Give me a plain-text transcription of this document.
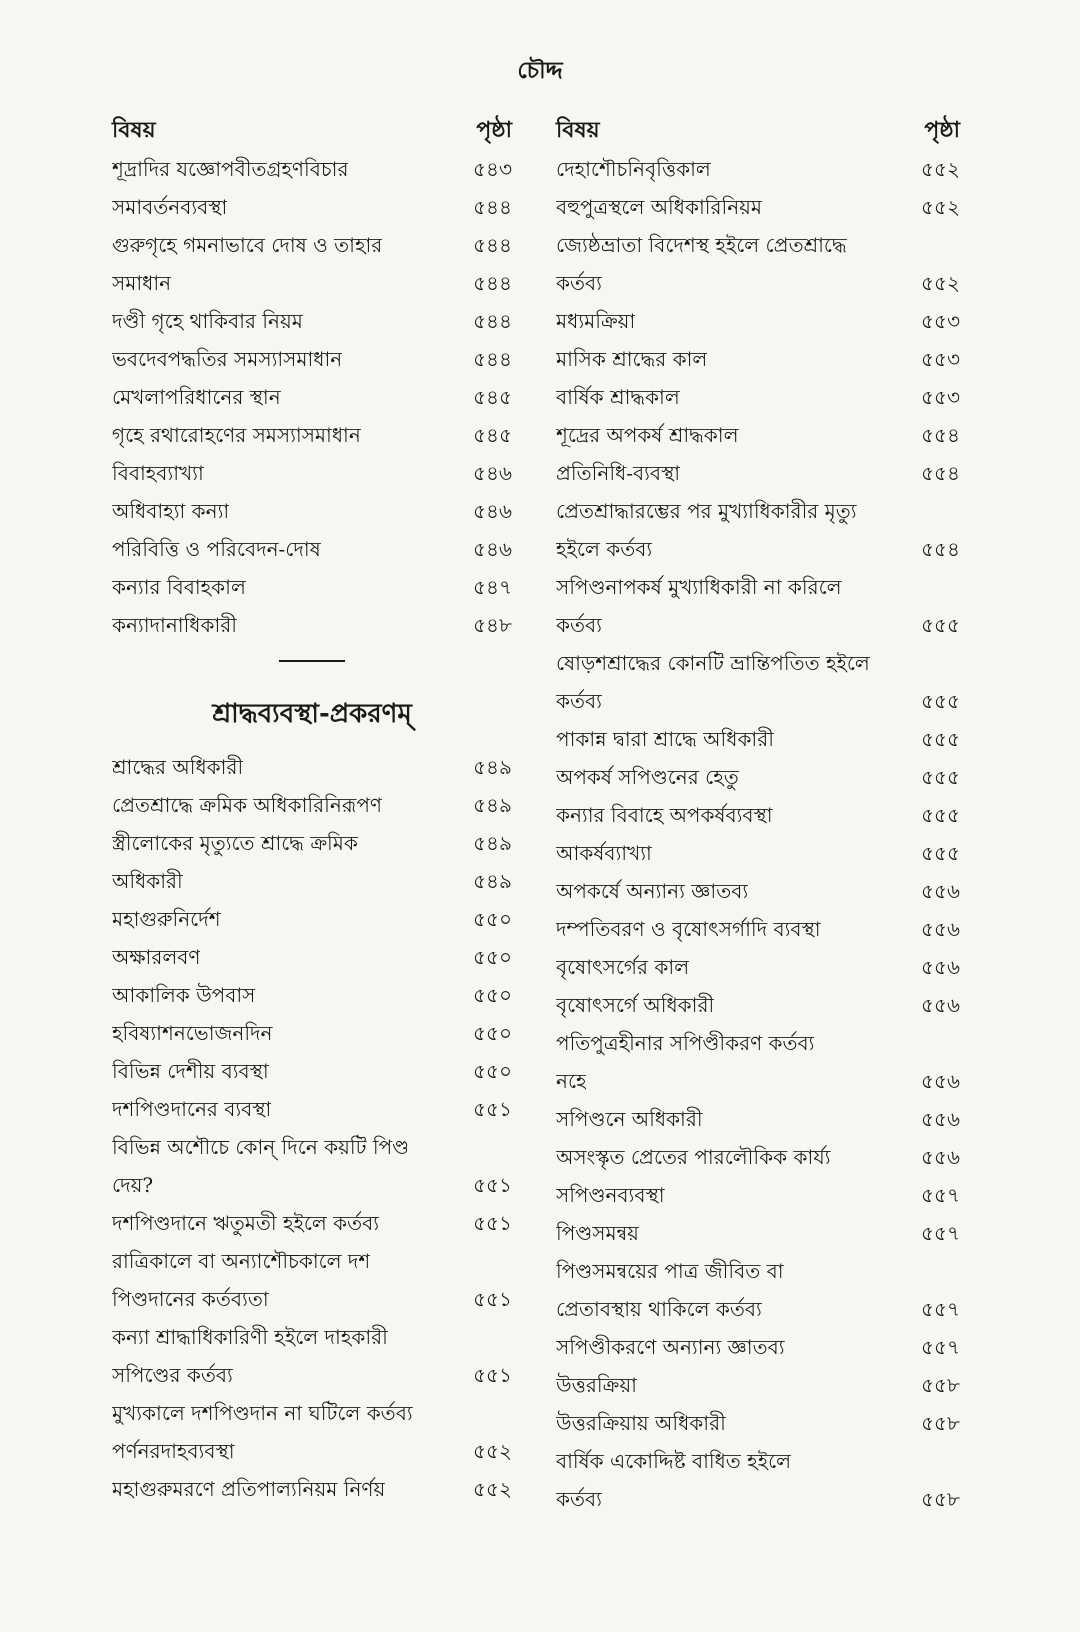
চৌদ্দ
বিষয়	পৃষ্ঠা
শূদ্রাদির যজ্ঞোপবীতগ্রহণবিচার	৫৪৩
সমাবর্তনব্যবস্থা	৫৪৪
গুরুগৃহে গমনাভাবে দোষ ও তাহার	৫৪৪
সমাধান	৫৪৪
দণ্ডী গৃহে থাকিবার নিয়ম	৫৪৪
ভবদেবপদ্ধতির সমস্যাসমাধান	৫৪৪
মেখলাপরিধানের স্থান	৫৪৫
গৃহে রথারোহণের সমস্যাসমাধান	৫৪৫
বিবাহব্যাখ্যা	৫৪৬
অধিবাহ্যা কন্যা	৫৪৬
পরিবিত্তি ও পরিবেদন-দোষ	৫৪৬
কন্যার বিবাহকাল	৫৪৭
কন্যাদানাধিকারী	৫৪৮
শ্রাদ্ধব্যবস্থা-প্রকরণম্
শ্রাদ্ধের অধিকারী	৫৪৯
প্রেতশ্রাদ্ধে ক্রমিক অধিকারিনিরূপণ	৫৪৯
স্ত্রীলোকের মৃত্যুতে শ্রাদ্ধে ক্রমিক	৫৪৯
অধিকারী	৫৪৯
মহাগুরুনির্দেশ	৫৫০
অক্ষারলবণ	৫৫০
আকালিক উপবাস	৫৫০
হবিষ্যাশনভোজনদিন	৫৫০
বিভিন্ন দেশীয় ব্যবস্থা	৫৫০
দশপিণ্ডদানের ব্যবস্থা	৫৫১
বিভিন্ন অশৌচে কোন্ দিনে কয়টি পিণ্ড
দেয়?	৫৫১
দশপিণ্ডদানে ঋতুমতী হইলে কর্তব্য	৫৫১
রাত্রিকালে বা অন্যাশৌচকালে দশ
পিণ্ডদানের কর্তব্যতা	৫৫১
কন্যা শ্রাদ্ধাধিকারিণী হইলে দাহকারী
সপিণ্ডের কর্তব্য	৫৫১
মুখ্যকালে দশপিণ্ডদান না ঘটিলে কর্তব্য
পর্ণনরদাহব্যবস্থা	৫৫২
মহাগুরুমরণে প্রতিপাল্যনিয়ম নির্ণয়	৫৫২
বিষয়	পৃষ্ঠা
দেহাশৌচনিবৃত্তিকাল	৫৫২
বহুপুত্রস্থলে অধিকারিনিয়ম	৫৫২
জ্যেষ্ঠভ্রাতা বিদেশস্থ হইলে প্রেতশ্রাদ্ধে
কর্তব্য	৫৫২
মধ্যমক্রিয়া	৫৫৩
মাসিক শ্রাদ্ধের কাল	৫৫৩
বার্ষিক শ্রাদ্ধকাল	৫৫৩
শূদ্রের অপকর্ষ শ্রাদ্ধকাল	৫৫৪
প্রতিনিধি-ব্যবস্থা	৫৫৪
প্রেতশ্রাদ্ধারম্ভের পর মুখ্যাধিকারীর মৃত্যু
হইলে কর্তব্য	৫৫৪
সপিণ্ডনাপকর্ষ মুখ্যাধিকারী না করিলে
কর্তব্য	৫৫৫
ষোড়শশ্রাদ্ধের কোনটি ভ্রান্তিপতিত হইলে
কর্তব্য	৫৫৫
পাকান্ন দ্বারা শ্রাদ্ধে অধিকারী	৫৫৫
অপকর্ষ সপিণ্ডনের হেতু	৫৫৫
কন্যার বিবাহে অপকর্ষব্যবস্থা	৫৫৫
আকর্ষব্যাখ্যা	৫৫৫
অপকর্ষে অন্যান্য জ্ঞাতব্য	৫৫৬
দম্পতিবরণ ও বৃষোৎসর্গাদি ব্যবস্থা	৫৫৬
বৃষোৎসর্গের কাল	৫৫৬
বৃষোৎসর্গে অধিকারী	৫৫৬
পতিপুত্রহীনার সপিণ্ডীকরণ কর্তব্য
নহে	৫৫৬
সপিণ্ডনে অধিকারী	৫৫৬
অসংস্কৃত প্রেতের পারলৌকিক কার্য্য	৫৫৬
সপিণ্ডনব্যবস্থা	৫৫৭
পিণ্ডসমন্বয়	৫৫৭
পিণ্ডসমন্বয়ের পাত্র জীবিত বা
প্রেতাবস্থায় থাকিলে কর্তব্য	৫৫৭
সপিণ্ডীকরণে অন্যান্য জ্ঞাতব্য	৫৫৭
উত্তরক্রিয়া	৫৫৮
উত্তরক্রিয়ায় অধিকারী	৫৫৮
বার্ষিক একোদ্দিষ্ট বাধিত হইলে
কর্তব্য	৫৫৮
